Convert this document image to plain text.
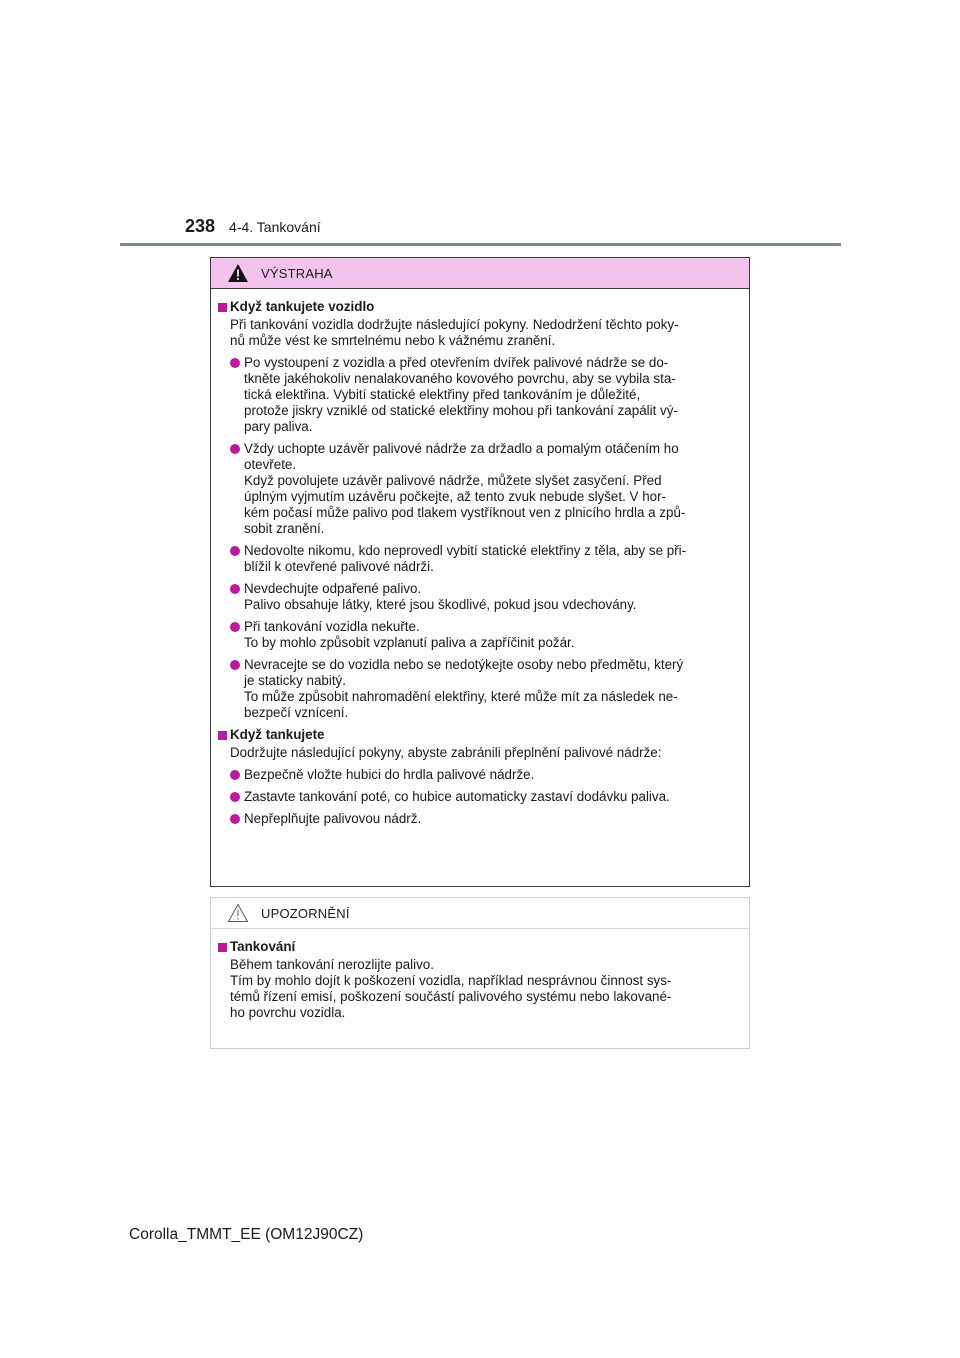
238 4-4. Tankování
VÝSTRAHA
Když tankujete vozidlo
Při tankování vozidla dodržujte následující pokyny. Nedodržení těchto poky-
nů může vést ke smrtelnému nebo k vážnému zranění.
Po vystoupení z vozidla a před otevřením dvířek palivové nádrže se do-
tkněte jakéhokoliv nenalakovaného kovového povrchu, aby se vybila sta-
tická elektřina. Vybití statické elektřiny před tankováním je důležité,
protože jiskry vzniklé od statické elektřiny mohou při tankování zapálit vý-
pary paliva.
Vždy uchopte uzávěr palivové nádrže za držadlo a pomalým otáčením ho
otevřete.
Když povolujete uzávěr palivové nádrže, můžete slyšet zasyčení. Před
úplným vyjmutím uzávěru počkejte, až tento zvuk nebude slyšet. V hor-
kém počasí může palivo pod tlakem vystříknout ven z plnicího hrdla a způ-
sobit zranění.
Nedovolte nikomu, kdo neprovedl vybití statické elektřiny z těla, aby se při-
blížil k otevřené palivové nádrži.
Nevdechujte odpařené palivo.
Palivo obsahuje látky, které jsou škodlivé, pokud jsou vdechovány.
Při tankování vozidla nekuřte.
To by mohlo způsobit vzplanutí paliva a zapříčinit požár.
Nevracejte se do vozidla nebo se nedotýkejte osoby nebo předmětu, který
je staticky nabitý.
To může způsobit nahromadění elektřiny, které může mít za následek ne-
bezpečí vznícení.
Když tankujete
Dodržujte následující pokyny, abyste zabránili přeplnění palivové nádrže:
Bezpečně vložte hubici do hrdla palivové nádrže.
Zastavte tankování poté, co hubice automaticky zastaví dodávku paliva.
Nepřeplňujte palivovou nádrž.
UPOZORNĚNÍ
Tankování
Během tankování nerozlijte palivo.
Tím by mohlo dojít k poškození vozidla, například nesprávnou činnost sys-
témů řízení emisí, poškození součástí palivového systému nebo lakované-
ho povrchu vozidla.
Corolla_TMMT_EE (OM12J90CZ)
